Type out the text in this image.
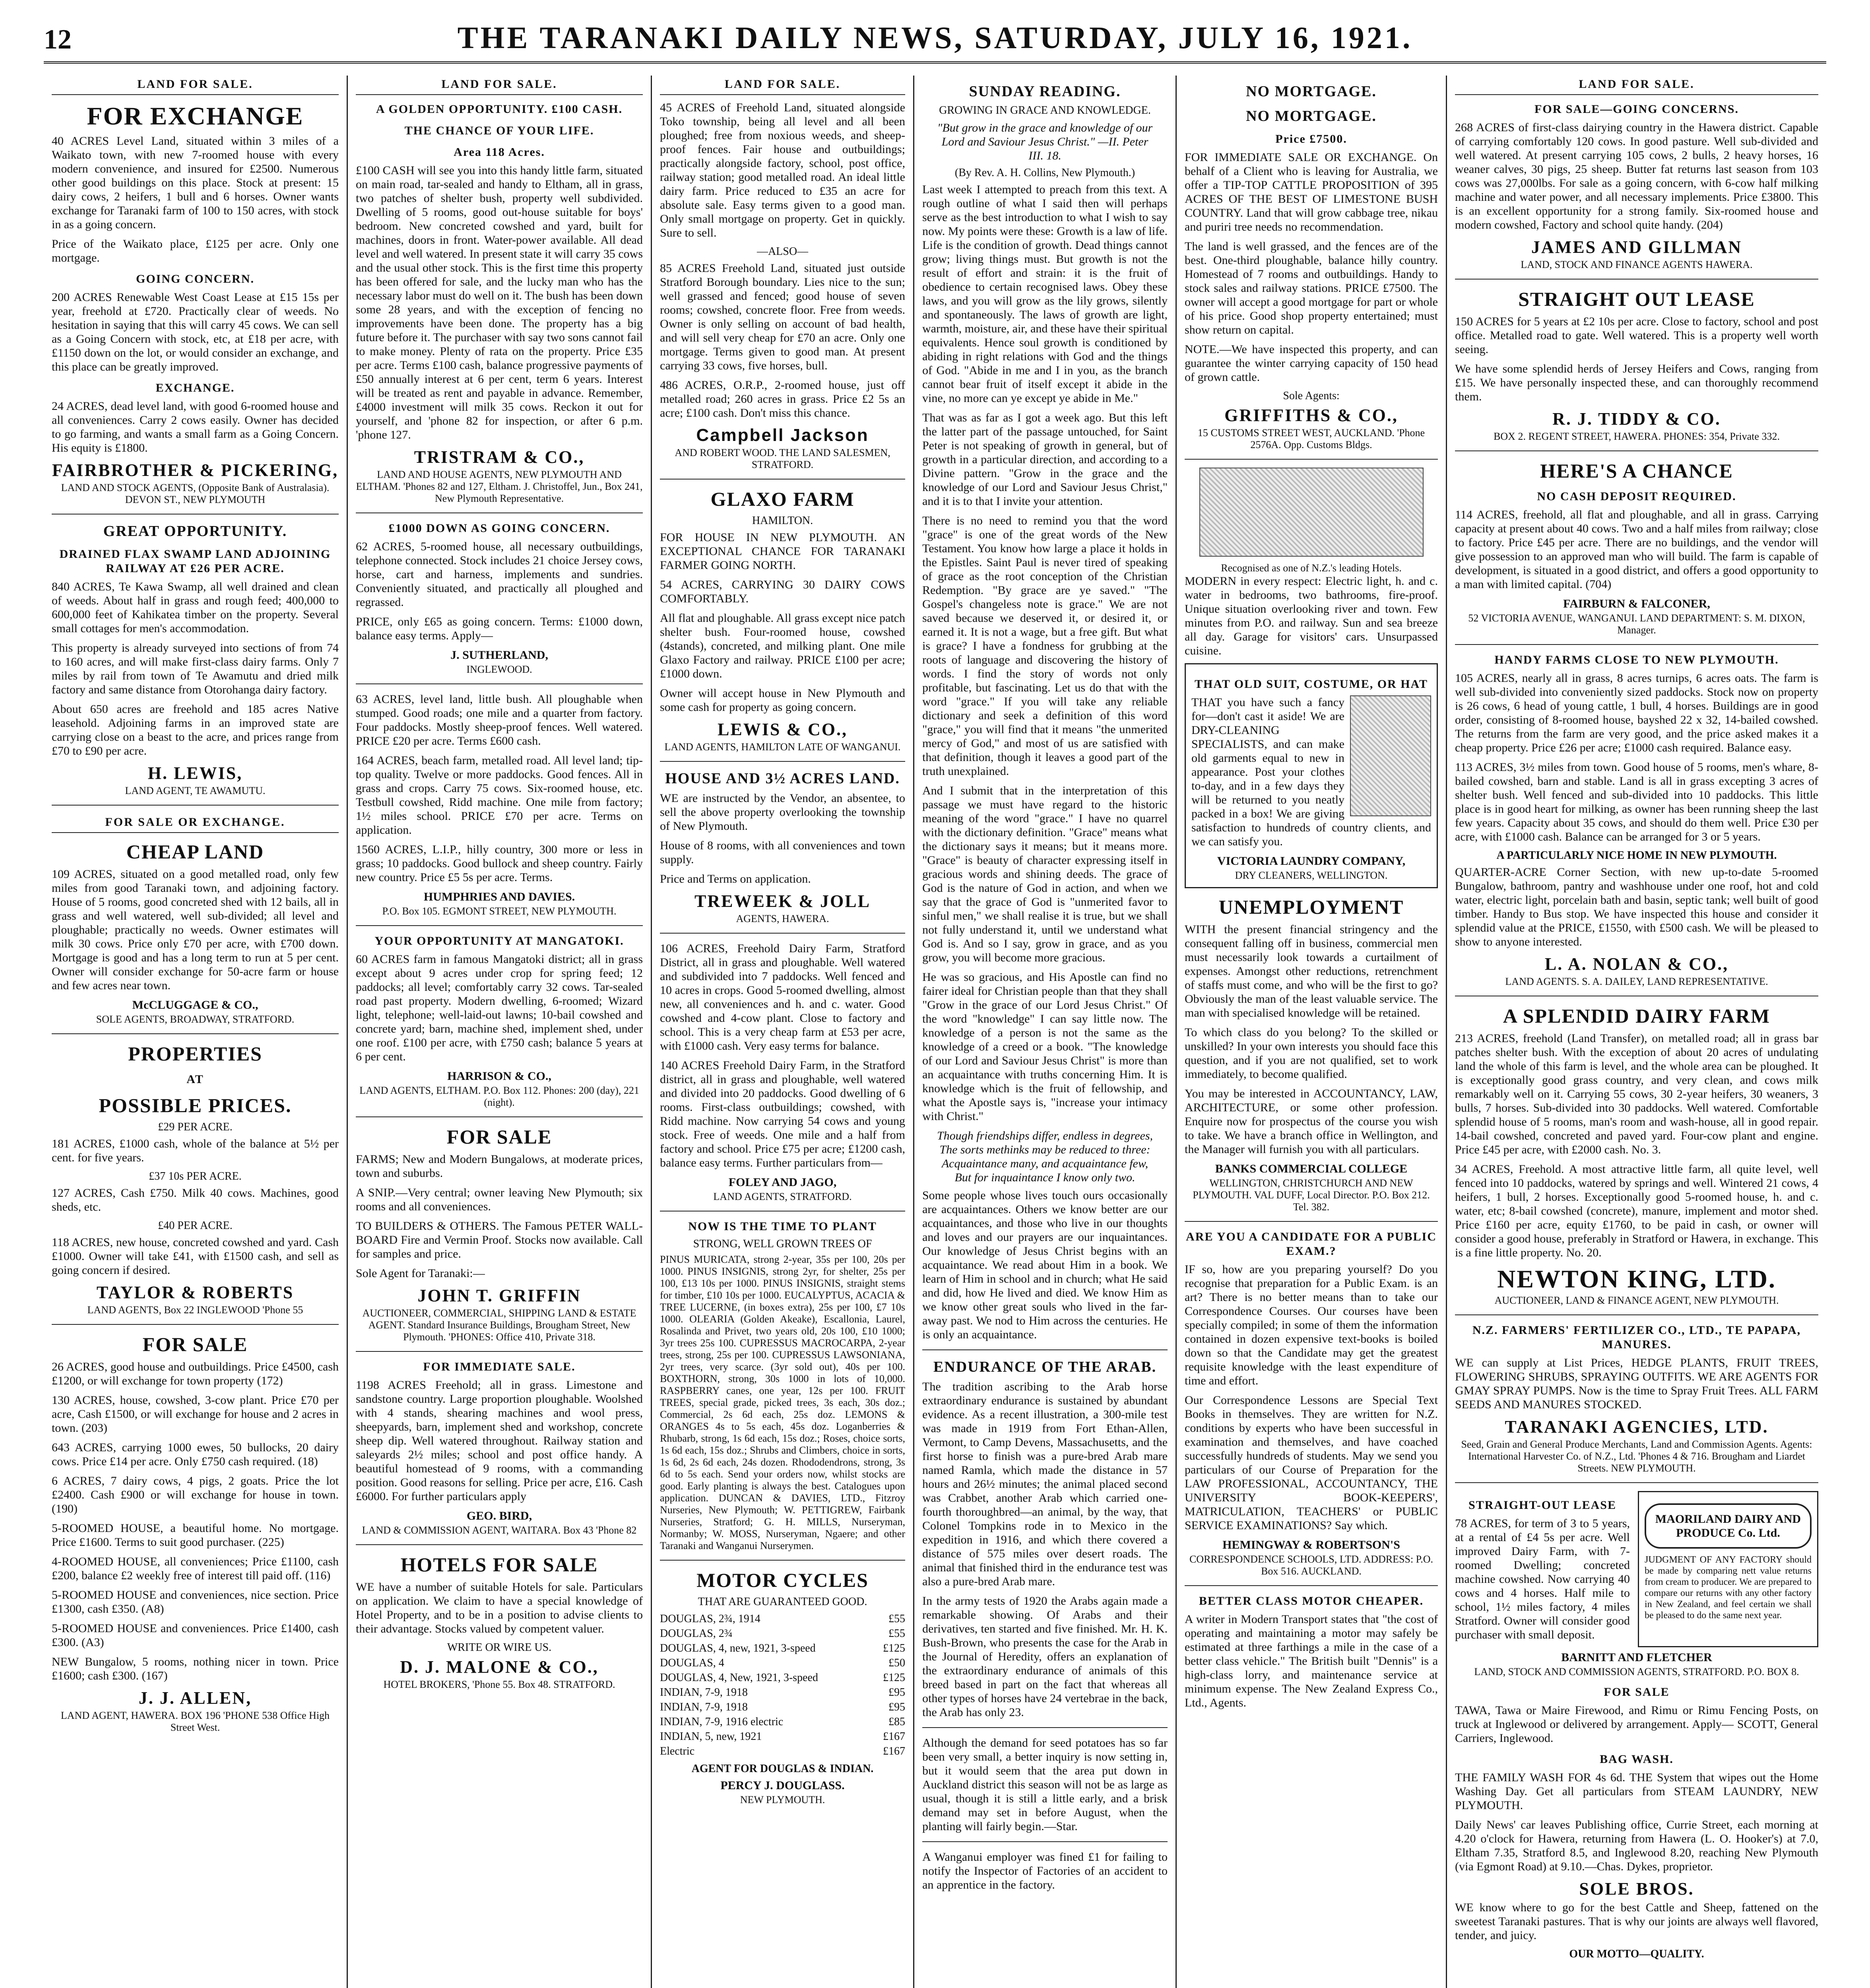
12	THE TARANAKI DAILY NEWS, SATURDAY, JULY 16, 1921.
LAND FOR SALE.
FOR EXCHANGE

40 ACRES Level Land, situated within 3 miles of a Waikato town, with new 7-roomed house with every modern convenience, and insured for £2500. Numerous other good buildings on this place. Stock at present: 15 dairy cows, 2 heifers, 1 bull and 6 horses. Owner wants exchange for Taranaki farm of 100 to 150 acres, with stock in as a going concern.

Price of the Waikato place, £125 per acre. Only one mortgage.

GOING CONCERN.

200 ACRES Renewable West Coast Lease at £15 15s per year, freehold at £720. Practically clear of weeds. No hesitation in saying that this will carry 45 cows. We can sell as a Going Concern with stock, etc, at £18 per acre, with £1150 down on the lot, or would consider an exchange, and this place can be greatly improved.

EXCHANGE.

24 ACRES, dead level land, with good 6-roomed house and all conveniences. Carry 2 cows easily. Owner has decided to go farming, and wants a small farm as a Going Concern. His equity is £1800.

FAIRBROTHER & PICKERING,
LAND AND STOCK AGENTS, (Opposite Bank of Australasia). DEVON ST., NEW PLYMOUTH
GREAT OPPORTUNITY.
DRAINED FLAX SWAMP LAND ADJOINING RAILWAY AT £26 PER ACRE.

840 ACRES, Te Kawa Swamp, all well drained and clean of weeds. About half in grass and rough feed; 400,000 to 600,000 feet of Kahikatea timber on the property. Several small cottages for men's accommodation.

This property is already surveyed into sections of from 74 to 160 acres, and will make first-class dairy farms. Only 7 miles by rail from town of Te Awamutu and dried milk factory and same distance from Otorohanga dairy factory.

About 650 acres are freehold and 185 acres Native leasehold. Adjoining farms in an improved state are carrying close on a beast to the acre, and prices range from £70 to £90 per acre.

H. LEWIS,
LAND AGENT, TE AWAMUTU.
FOR SALE OR EXCHANGE.
CHEAP LAND

109 ACRES, situated on a good metalled road, only few miles from good Taranaki town, and adjoining factory. House of 5 rooms, good concreted shed with 12 bails, all in grass and well watered, well sub-divided; all level and ploughable; practically no weeds. Owner estimates will milk 30 cows. Price only £70 per acre, with £700 down. Mortgage is good and has a long term to run at 5 per cent. Owner will consider exchange for 50-acre farm or house and few acres near town.

McCLUGGAGE & CO.,
SOLE AGENTS, BROADWAY, STRATFORD.
PROPERTIES
AT
POSSIBLE PRICES.
£29 PER ACRE.

181 ACRES, £1000 cash, whole of the balance at 5½ per cent. for five years.

£37 10s PER ACRE.

127 ACRES, Cash £750. Milk 40 cows. Machines, good sheds, etc.

£40 PER ACRE.

118 ACRES, new house, concreted cowshed and yard. Cash £1000. Owner will take £41, with £1500 cash, and sell as going concern if desired.

TAYLOR & ROBERTS
LAND AGENTS, Box 22 INGLEWOOD 'Phone 55
FOR SALE

26 ACRES, good house and outbuildings. Price £4500, cash £1200, or will exchange for town property (172)

130 ACRES, house, cowshed, 3-cow plant. Price £70 per acre, Cash £1500, or will exchange for house and 2 acres in town. (203)

643 ACRES, carrying 1000 ewes, 50 bullocks, 20 dairy cows. Price £14 per acre. Only £750 cash required. (18)

6 ACRES, 7 dairy cows, 4 pigs, 2 goats. Price the lot £2400. Cash £900 or will exchange for house in town. (190)

5-ROOMED HOUSE, a beautiful home. No mortgage. Price £1600. Terms to suit good purchaser. (225)

4-ROOMED HOUSE, all conveniences; Price £1100, cash £200, balance £2 weekly free of interest till paid off. (116)

5-ROOMED HOUSE and conveniences, nice section. Price £1300, cash £350. (A8)

5-ROOMED HOUSE and conveniences. Price £1400, cash £300. (A3)

NEW Bungalow, 5 rooms, nothing nicer in town. Price £1600; cash £300. (167)

J. J. ALLEN,
LAND AGENT, HAWERA. BOX 196 'PHONE 538 Office High Street West.
LAND FOR SALE.
A GOLDEN OPPORTUNITY. £100 CASH.
THE CHANCE OF YOUR LIFE.
Area 118 Acres.

£100 CASH will see you into this handy little farm, situated on main road, tar-sealed and handy to Eltham, all in grass, two patches of shelter bush, property well subdivided. Dwelling of 5 rooms, good out-house suitable for boys' bedroom. New concreted cowshed and yard, built for machines, doors in front. Water-power available. All dead level and well watered. In present state it will carry 35 cows and the usual other stock. This is the first time this property has been offered for sale, and the lucky man who has the necessary labor must do well on it. The bush has been down some 28 years, and with the exception of fencing no improvements have been done. The property has a big future before it. The purchaser with say two sons cannot fail to make money. Plenty of rata on the property. Price £35 per acre. Terms £100 cash, balance progressive payments of £50 annually interest at 6 per cent, term 6 years. Interest will be treated as rent and payable in advance. Remember, £4000 investment will milk 35 cows. Reckon it out for yourself, and 'phone 82 for inspection, or after 6 p.m. 'phone 127.

TRISTRAM & CO.,
LAND AND HOUSE AGENTS, NEW PLYMOUTH AND ELTHAM. 'Phones 82 and 127, Eltham. J. Christoffel, Jun., Box 241, New Plymouth Representative.
£1000 DOWN AS GOING CONCERN.

62 ACRES, 5-roomed house, all necessary outbuildings, telephone connected. Stock includes 21 choice Jersey cows, horse, cart and harness, implements and sundries. Conveniently situated, and practically all ploughed and regrassed.

PRICE, only £65 as going concern. Terms: £1000 down, balance easy terms. Apply—

J. SUTHERLAND,
INGLEWOOD.

63 ACRES, level land, little bush. All ploughable when stumped. Good roads; one mile and a quarter from factory. Four paddocks. Mostly sheep-proof fences. Well watered. PRICE £20 per acre. Terms £600 cash.

164 ACRES, beach farm, metalled road. All level land; tip-top quality. Twelve or more paddocks. Good fences. All in grass and crops. Carry 75 cows. Six-roomed house, etc. Testbull cowshed, Ridd machine. One mile from factory; 1½ miles school. PRICE £70 per acre. Terms on application.

1560 ACRES, L.I.P., hilly country, 300 more or less in grass; 10 paddocks. Good bullock and sheep country. Fairly new country. Price £5 5s per acre. Terms.

HUMPHRIES AND DAVIES.
P.O. Box 105. EGMONT STREET, NEW PLYMOUTH.
YOUR OPPORTUNITY AT MANGATOKI.

60 ACRES farm in famous Mangatoki district; all in grass except about 9 acres under crop for spring feed; 12 paddocks; all level; comfortably carry 32 cows. Tar-sealed road past property. Modern dwelling, 6-roomed; Wizard light, telephone; well-laid-out lawns; 10-bail cowshed and concrete yard; barn, machine shed, implement shed, under one roof. £100 per acre, with £750 cash; balance 5 years at 6 per cent.

HARRISON & CO.,
LAND AGENTS, ELTHAM. P.O. Box 112. Phones: 200 (day), 221 (night).
FOR SALE

FARMS; New and Modern Bungalows, at moderate prices, town and suburbs.

A SNIP.—Very central; owner leaving New Plymouth; six rooms and all conveniences.

TO BUILDERS & OTHERS. The Famous PETER WALL-BOARD Fire and Vermin Proof. Stocks now available. Call for samples and price.

Sole Agent for Taranaki:—

JOHN T. GRIFFIN
AUCTIONEER, COMMERCIAL, SHIPPING LAND & ESTATE AGENT. Standard Insurance Buildings, Brougham Street, New Plymouth. 'PHONES: Office 410, Private 318.
FOR IMMEDIATE SALE.

1198 ACRES Freehold; all in grass. Limestone and sandstone country. Large proportion ploughable. Woolshed with 4 stands, shearing machines and wool press, sheepyards, barn, implement shed and workshop, concrete sheep dip. Well watered throughout. Railway station and saleyards 2½ miles; school and post office handy. A beautiful homestead of 9 rooms, with a commanding position. Good reasons for selling. Price per acre, £16. Cash £6000. For further particulars apply

GEO. BIRD,
LAND & COMMISSION AGENT, WAITARA. Box 43 'Phone 82
HOTELS FOR SALE

WE have a number of suitable Hotels for sale. Particulars on application. We claim to have a special knowledge of Hotel Property, and to be in a position to advise clients to their advantage. Stocks valued by competent valuer.

WRITE OR WIRE US.
D. J. MALONE & CO.,
HOTEL BROKERS, 'Phone 55. Box 48. STRATFORD.
LAND FOR SALE.

45 ACRES of Freehold Land, situated alongside Toko township, being all level and all been ploughed; free from noxious weeds, and sheep-proof fences. Fair house and outbuildings; practically alongside factory, school, post office, railway station; good metalled road. An ideal little dairy farm. Price reduced to £35 an acre for absolute sale. Easy terms given to a good man. Only small mortgage on property. Get in quickly. Sure to sell.

—ALSO—

85 ACRES Freehold Land, situated just outside Stratford Borough boundary. Lies nice to the sun; well grassed and fenced; good house of seven rooms; cowshed, concrete floor. Free from weeds. Owner is only selling on account of bad health, and will sell very cheap for £70 an acre. Only one mortgage. Terms given to good man. At present carrying 33 cows, five horses, bull.

486 ACRES, O.R.P., 2-roomed house, just off metalled road; 260 acres in grass. Price £2 5s an acre; £100 cash. Don't miss this chance.

Campbell Jackson
AND ROBERT WOOD. THE LAND SALESMEN, STRATFORD.
GLAXO FARM
HAMILTON.

FOR HOUSE IN NEW PLYMOUTH. AN EXCEPTIONAL CHANCE FOR TARANAKI FARMER GOING NORTH.

54 ACRES, CARRYING 30 DAIRY COWS COMFORTABLY.

All flat and ploughable. All grass except nice patch shelter bush. Four-roomed house, cowshed (4stands), concreted, and milking plant. One mile Glaxo Factory and railway. PRICE £100 per acre; £1000 down.

Owner will accept house in New Plymouth and some cash for property as going concern.

LEWIS & CO.,
LAND AGENTS, HAMILTON LATE OF WANGANUI.
HOUSE AND 3½ ACRES LAND.

WE are instructed by the Vendor, an absentee, to sell the above property overlooking the township of New Plymouth.

House of 8 rooms, with all conveniences and town supply.

Price and Terms on application.

TREWEEK & JOLL
AGENTS, HAWERA.

106 ACRES, Freehold Dairy Farm, Stratford District, all in grass and ploughable. Well watered and subdivided into 7 paddocks. Well fenced and 10 acres in crops. Good 5-roomed dwelling, almost new, all conveniences and h. and c. water. Good cowshed and 4-cow plant. Close to factory and school. This is a very cheap farm at £53 per acre, with £1000 cash. Very easy terms for balance.

140 ACRES Freehold Dairy Farm, in the Stratford district, all in grass and ploughable, well watered and divided into 20 paddocks. Good dwelling of 6 rooms. First-class outbuildings; cowshed, with Ridd machine. Now carrying 54 cows and young stock. Free of weeds. One mile and a half from factory and school. Price £75 per acre; £1200 cash, balance easy terms. Further particulars from—

FOLEY AND JAGO,
LAND AGENTS, STRATFORD.
NOW IS THE TIME TO PLANT
STRONG, WELL GROWN TREES OF

PINUS MURICATA, strong 2-year, 35s per 100, 20s per 1000. PINUS INSIGNIS, strong 2yr, for shelter, 25s per 100, £13 10s per 1000. PINUS INSIGNIS, straight stems for timber, £10 10s per 1000. EUCALYPTUS, ACACIA & TREE LUCERNE, (in boxes extra), 25s per 100, £7 10s 1000. OLEARIA (Golden Akeake), Escallonia, Laurel, Rosalinda and Privet, two years old, 20s 100, £10 1000; 3yr trees 25s 100. CUPRESSUS MACROCARPA, 2-year trees, strong, 25s per 100. CUPRESSUS LAWSONIANA, 2yr trees, very scarce. (3yr sold out), 40s per 100. BOXTHORN, strong, 30s 1000 in lots of 10,000. RASPBERRY canes, one year, 12s per 100. FRUIT TREES, special grade, picked trees, 3s each, 30s doz.; Commercial, 2s 6d each, 25s doz. LEMONS & ORANGES 4s to 5s each, 45s doz. Loganberries & Rhubarb, strong, 1s 6d each, 15s doz.; Roses, choice sorts, 1s 6d each, 15s doz.; Shrubs and Climbers, choice in sorts, 1s 6d, 2s 6d each, 24s dozen. Rhododendrons, strong, 3s 6d to 5s each. Send your orders now, whilst stocks are good. Early planting is always the best. Catalogues upon application. DUNCAN & DAVIES, LTD., Fitzroy Nurseries, New Plymouth; W. PETTIGREW, Fairbank Nurseries, Stratford; G. H. MILLS, Nurseryman, Normanby; W. MOSS, Nurseryman, Ngaere; and other Taranaki and Wanganui Nurserymen.

MOTOR CYCLES
THAT ARE GUARANTEED GOOD.
DOUGLAS, 2¾, 1914	£55
DOUGLAS, 2¾	£55
DOUGLAS, 4, new, 1921, 3-speed	£125
DOUGLAS, 4	£50
DOUGLAS, 4, New, 1921, 3-speed	£125
INDIAN, 7-9, 1918	£95
INDIAN, 7-9, 1918	£95
INDIAN, 7-9, 1916 electric	£85
INDIAN, 5, new, 1921	£167
Electric	£167
AGENT FOR DOUGLAS & INDIAN.
PERCY J. DOUGLASS.
NEW PLYMOUTH.
SUNDAY READING.
GROWING IN GRACE AND KNOWLEDGE.
"But grow in the grace and knowledge of our Lord and Saviour Jesus Christ." —II. Peter III. 18.
(By Rev. A. H. Collins, New Plymouth.)

Last week I attempted to preach from this text. A rough outline of what I said then will perhaps serve as the best introduction to what I wish to say now. My points were these: Growth is a law of life. Life is the condition of growth. Dead things cannot grow; living things must. But growth is not the result of effort and strain: it is the fruit of obedience to certain recognised laws. Obey these laws, and you will grow as the lily grows, silently and spontaneously. The laws of growth are light, warmth, moisture, air, and these have their spiritual equivalents. Hence soul growth is conditioned by abiding in right relations with God and the things of God. "Abide in me and I in you, as the branch cannot bear fruit of itself except it abide in the vine, no more can ye except ye abide in Me."

That was as far as I got a week ago. But this left the latter part of the passage untouched, for Saint Peter is not speaking of growth in general, but of growth in a particular direction, and according to a Divine pattern. "Grow in the grace and the knowledge of our Lord and Saviour Jesus Christ," and it is to that I invite your attention.

There is no need to remind you that the word "grace" is one of the great words of the New Testament. You know how large a place it holds in the Epistles. Saint Paul is never tired of speaking of grace as the root conception of the Christian Redemption. "By grace are ye saved." "The Gospel's changeless note is grace." We are not saved because we deserved it, or desired it, or earned it. It is not a wage, but a free gift. But what is grace? I have a fondness for grubbing at the roots of language and discovering the history of words. I find the story of words not only profitable, but fascinating. Let us do that with the word "grace." If you will take any reliable dictionary and seek a definition of this word "grace," you will find that it means "the unmerited mercy of God," and most of us are satisfied with that definition, though it leaves a good part of the truth unexplained.

And I submit that in the interpretation of this passage we must have regard to the historic meaning of the word "grace." I have no quarrel with the dictionary definition. "Grace" means what the dictionary says it means; but it means more. "Grace" is beauty of character expressing itself in gracious words and shining deeds. The grace of God is the nature of God in action, and when we say that the grace of God is "unmerited favor to sinful men," we shall realise it is true, but we shall not fully understand it, until we understand what God is. And so I say, grow in grace, and as you grow, you will become more gracious.

He was so gracious, and His Apostle can find no fairer ideal for Christian people than that they shall "Grow in the grace of our Lord Jesus Christ." Of the word "knowledge" I can say little now. The knowledge of a person is not the same as the knowledge of a creed or a book. "The knowledge of our Lord and Saviour Jesus Christ" is more than an acquaintance with truths concerning Him. It is knowledge which is the fruit of fellowship, and what the Apostle says is, "increase your intimacy with Christ."

Though friendships differ, endless in degrees, The sorts methinks may be reduced to three: Acquaintance many, and acquaintance few, But for inquaintance I know only two.

Some people whose lives touch ours occasionally are acquaintances. Others we know better are our acquaintances, and those who live in our thoughts and loves and our prayers are our inquaintances. Our knowledge of Jesus Christ begins with an acquaintance. We read about Him in a book. We learn of Him in school and in church; what He said and did, how He lived and died. We know Him as we know other great souls who lived in the far-away past. We nod to Him across the centuries. He is only an acquaintance.

ENDURANCE OF THE ARAB.

The tradition ascribing to the Arab horse extraordinary endurance is sustained by abundant evidence. As a recent illustration, a 300-mile test was made in 1919 from Fort Ethan-Allen, Vermont, to Camp Devens, Massachusetts, and the first horse to finish was a pure-bred Arab mare named Ramla, which made the distance in 57 hours and 26½ minutes; the animal placed second was Crabbet, another Arab which carried one-fourth thoroughbred—an animal, by the way, that Colonel Tompkins rode in to Mexico in the expedition in 1916, and which there covered a distance of 575 miles over desert roads. The animal that finished third in the endurance test was also a pure-bred Arab mare.

In the army tests of 1920 the Arabs again made a remarkable showing. Of Arabs and their derivatives, ten started and five finished. Mr. H. K. Bush-Brown, who presents the case for the Arab in the Journal of Heredity, offers an explanation of the extraordinary endurance of animals of this breed based in part on the fact that whereas all other types of horses have 24 vertebrae in the back, the Arab has only 23.

Although the demand for seed potatoes has so far been very small, a better inquiry is now setting in, but it would seem that the area put down in Auckland district this season will not be as large as usual, though it is still a little early, and a brisk demand may set in before August, when the planting will fairly begin.—Star.

A Wanganui employer was fined £1 for failing to notify the Inspector of Factories of an accident to an apprentice in the factory.

NO MORTGAGE.
NO MORTGAGE.
Price £7500.

FOR IMMEDIATE SALE OR EXCHANGE. On behalf of a Client who is leaving for Australia, we offer a TIP-TOP CATTLE PROPOSITION of 395 ACRES OF THE BEST OF LIMESTONE BUSH COUNTRY. Land that will grow cabbage tree, nikau and puriri tree needs no recommendation.

The land is well grassed, and the fences are of the best. One-third ploughable, balance hilly country. Homestead of 7 rooms and outbuildings. Handy to stock sales and railway stations. PRICE £7500. The owner will accept a good mortgage for part or whole of his price. Good shop property entertained; must show return on capital.

NOTE.—We have inspected this property, and can guarantee the winter carrying capacity of 150 head of grown cattle.

Sole Agents:
GRIFFITHS & CO.,
15 CUSTOMS STREET WEST, AUCKLAND. 'Phone 2576A. Opp. Customs Bldgs.
Recognised as one of N.Z.'s leading Hotels.

MODERN in every respect: Electric light, h. and c. water in bedrooms, two bathrooms, fire-proof. Unique situation overlooking river and town. Few minutes from P.O. and railway. Sun and sea breeze all day. Garage for visitors' cars. Unsurpassed cuisine.

THAT OLD SUIT, COSTUME, OR HAT

THAT you have such a fancy for—don't cast it aside! We are DRY-CLEANING SPECIALISTS, and can make old garments equal to new in appearance. Post your clothes to-day, and in a few days they will be returned to you neatly packed in a box! We are giving satisfaction to hundreds of country clients, and we can satisfy you.

VICTORIA LAUNDRY COMPANY,
DRY CLEANERS, WELLINGTON.
UNEMPLOYMENT

WITH the present financial stringency and the consequent falling off in business, commercial men must necessarily look towards a curtailment of expenses. Amongst other reductions, retrenchment of staffs must come, and who will be the first to go? Obviously the man of the least valuable service. The man with specialised knowledge will be retained.

To which class do you belong? To the skilled or unskilled? In your own interests you should face this question, and if you are not qualified, set to work immediately, to become qualified.

You may be interested in ACCOUNTANCY, LAW, ARCHITECTURE, or some other profession. Enquire now for prospectus of the course you wish to take. We have a branch office in Wellington, and the Manager will furnish you with all particulars.

BANKS COMMERCIAL COLLEGE
WELLINGTON, CHRISTCHURCH AND NEW PLYMOUTH. VAL DUFF, Local Director. P.O. Box 212. Tel. 382.
ARE YOU A CANDIDATE FOR A PUBLIC EXAM.?

IF so, how are you preparing yourself? Do you recognise that preparation for a Public Exam. is an art? There is no better means than to take our Correspondence Courses. Our courses have been specially compiled; in some of them the information contained in dozen expensive text-books is boiled down so that the Candidate may get the greatest requisite knowledge with the least expenditure of time and effort.

Our Correspondence Lessons are Special Text Books in themselves. They are written for N.Z. conditions by experts who have been successful in examination and themselves, and have coached successfully hundreds of students. May we send you particulars of our Course of Preparation for the LAW PROFESSIONAL, ACCOUNTANCY, THE UNIVERSITY BOOK-KEEPERS', MATRICULATION, TEACHERS' or PUBLIC SERVICE EXAMINATIONS? Say which.

HEMINGWAY & ROBERTSON'S
CORRESPONDENCE SCHOOLS, LTD. ADDRESS: P.O. Box 516. AUCKLAND.
BETTER CLASS MOTOR CHEAPER.

A writer in Modern Transport states that "the cost of operating and maintaining a motor may safely be estimated at three farthings a mile in the case of a better class vehicle." The British built "Dennis" is a high-class lorry, and maintenance service at minimum expense. The New Zealand Express Co., Ltd., Agents.

LAND FOR SALE.
FOR SALE—GOING CONCERNS.

268 ACRES of first-class dairying country in the Hawera district. Capable of carrying comfortably 120 cows. In good pasture. Well sub-divided and well watered. At present carrying 105 cows, 2 bulls, 2 heavy horses, 16 weaner calves, 30 pigs, 25 sheep. Butter fat returns last season from 103 cows was 27,000lbs. For sale as a going concern, with 6-cow half milking machine and water power, and all necessary implements. Price £3800. This is an excellent opportunity for a strong family. Six-roomed house and modern cowshed, Factory and school quite handy. (204)

JAMES AND GILLMAN
LAND, STOCK AND FINANCE AGENTS HAWERA.
STRAIGHT OUT LEASE

150 ACRES for 5 years at £2 10s per acre. Close to factory, school and post office. Metalled road to gate. Well watered. This is a property well worth seeing.

We have some splendid herds of Jersey Heifers and Cows, ranging from £15. We have personally inspected these, and can thoroughly recommend them.

R. J. TIDDY & CO.
BOX 2. REGENT STREET, HAWERA. PHONES: 354, Private 332.
HERE'S A CHANCE
NO CASH DEPOSIT REQUIRED.

114 ACRES, freehold, all flat and ploughable, and all in grass. Carrying capacity at present about 40 cows. Two and a half miles from railway; close to factory. Price £45 per acre. There are no buildings, and the vendor will give possession to an approved man who will build. The farm is capable of development, is situated in a good district, and offers a good opportunity to a man with limited capital. (704)

FAIRBURN & FALCONER,
52 VICTORIA AVENUE, WANGANUI. LAND DEPARTMENT: S. M. DIXON, Manager.
HANDY FARMS CLOSE TO NEW PLYMOUTH.

105 ACRES, nearly all in grass, 8 acres turnips, 6 acres oats. The farm is well sub-divided into conveniently sized paddocks. Stock now on property is 26 cows, 6 head of young cattle, 1 bull, 4 horses. Buildings are in good order, consisting of 8-roomed house, bayshed 22 x 32, 14-bailed cowshed. The returns from the farm are very good, and the price asked makes it a cheap property. Price £26 per acre; £1000 cash required. Balance easy.

113 ACRES, 3½ miles from town. Good house of 5 rooms, men's whare, 8-bailed cowshed, barn and stable. Land is all in grass excepting 3 acres of shelter bush. Well fenced and sub-divided into 10 paddocks. This little place is in good heart for milking, as owner has been running sheep the last few years. Capacity about 35 cows, and should do them well. Price £30 per acre, with £1000 cash. Balance can be arranged for 3 or 5 years.

A PARTICULARLY NICE HOME IN NEW PLYMOUTH.

QUARTER-ACRE Corner Section, with new up-to-date 5-roomed Bungalow, bathroom, pantry and washhouse under one roof, hot and cold water, electric light, porcelain bath and basin, septic tank; well built of good timber. Handy to Bus stop. We have inspected this house and consider it splendid value at the PRICE, £1550, with £500 cash. We will be pleased to show to anyone interested.

L. A. NOLAN & CO.,
LAND AGENTS. S. A. DAILEY, LAND REPRESENTATIVE.
A SPLENDID DAIRY FARM

213 ACRES, freehold (Land Transfer), on metalled road; all in grass bar patches shelter bush. With the exception of about 20 acres of undulating land the whole of this farm is level, and the whole area can be ploughed. It is exceptionally good grass country, and very clean, and cows milk remarkably well on it. Carrying 55 cows, 30 2-year heifers, 30 weaners, 3 bulls, 7 horses. Sub-divided into 30 paddocks. Well watered. Comfortable splendid house of 5 rooms, man's room and wash-house, all in good repair. 14-bail cowshed, concreted and paved yard. Four-cow plant and engine. Price £45 per acre, with £2000 cash. No. 3.

34 ACRES, Freehold. A most attractive little farm, all quite level, well fenced into 10 paddocks, watered by springs and well. Wintered 21 cows, 4 heifers, 1 bull, 2 horses. Exceptionally good 5-roomed house, h. and c. water, etc; 8-bail cowshed (concrete), manure, implement and motor shed. Price £160 per acre, equity £1760, to be paid in cash, or owner will consider a good house, preferably in Stratford or Hawera, in exchange. This is a fine little property. No. 20.

NEWTON KING, LTD.
AUCTIONEER, LAND & FINANCE AGENT, NEW PLYMOUTH.
N.Z. FARMERS' FERTILIZER CO., LTD., TE PAPAPA, MANURES.

WE can supply at List Prices, HEDGE PLANTS, FRUIT TREES, FLOWERING SHRUBS, SPRAYING OUTFITS. WE ARE AGENTS FOR GMAY SPRAY PUMPS. Now is the time to Spray Fruit Trees. ALL FARM SEEDS AND MANURES STOCKED.

TARANAKI AGENCIES, LTD.
Seed, Grain and General Produce Merchants, Land and Commission Agents. Agents: International Harvester Co. of N.Z., Ltd. 'Phones 4 & 716. Brougham and Liardet Streets. NEW PLYMOUTH.
STRAIGHT-OUT LEASE

78 ACRES, for term of 3 to 5 years, at a rental of £4 5s per acre. Well improved Dairy Farm, with 7-roomed Dwelling; concreted machine cowshed. Now carrying 40 cows and 4 horses. Half mile to school, 1½ miles factory, 4 miles Stratford. Owner will consider good purchaser with small deposit.

MAORILAND DAIRY AND PRODUCE Co. Ltd.

JUDGMENT OF ANY FACTORY should be made by comparing nett value returns from cream to producer. We are prepared to compare our returns with any other factory in New Zealand, and feel certain we shall be pleased to do the same next year.

BARNITT AND FLETCHER
LAND, STOCK AND COMMISSION AGENTS, STRATFORD. P.O. BOX 8.
FOR SALE

TAWA, Tawa or Maire Firewood, and Rimu or Rimu Fencing Posts, on truck at Inglewood or delivered by arrangement. Apply— SCOTT, General Carriers, Inglewood.

BAG WASH.

THE FAMILY WASH FOR 4s 6d. THE System that wipes out the Home Washing Day. Get all particulars from STEAM LAUNDRY, NEW PLYMOUTH.

Daily News' car leaves Publishing office, Currie Street, each morning at 4.20 o'clock for Hawera, returning from Hawera (L. O. Hooker's) at 7.0, Eltham 7.35, Stratford 8.5, and Inglewood 8.20, reaching New Plymouth (via Egmont Road) at 9.10.—Chas. Dykes, proprietor.

SOLE BROS.

WE know where to go for the best Cattle and Sheep, fattened on the sweetest Taranaki pastures. That is why our joints are always well flavored, tender, and juicy.

OUR MOTTO—QUALITY.
